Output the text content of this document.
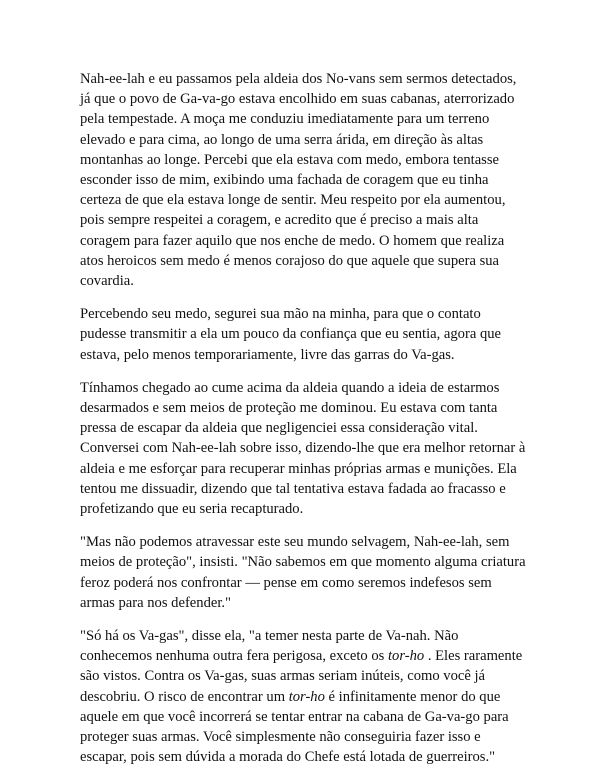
Nah-ee-lah e eu passamos pela aldeia dos No-vans sem sermos detectados, já que o povo de Ga-va-go estava encolhido em suas cabanas, aterrorizado pela tempestade. A moça me conduziu imediatamente para um terreno elevado e para cima, ao longo de uma serra árida, em direção às altas montanhas ao longe. Percebi que ela estava com medo, embora tentasse esconder isso de mim, exibindo uma fachada de coragem que eu tinha certeza de que ela estava longe de sentir. Meu respeito por ela aumentou, pois sempre respeitei a coragem, e acredito que é preciso a mais alta coragem para fazer aquilo que nos enche de medo. O homem que realiza atos heroicos sem medo é menos corajoso do que aquele que supera sua covardia.

Percebendo seu medo, segurei sua mão na minha, para que o contato pudesse transmitir a ela um pouco da confiança que eu sentia, agora que estava, pelo menos temporariamente, livre das garras do Va-gas.

Tínhamos chegado ao cume acima da aldeia quando a ideia de estarmos desarmados e sem meios de proteção me dominou. Eu estava com tanta pressa de escapar da aldeia que negligenciei essa consideração vital. Conversei com Nah-ee-lah sobre isso, dizendo-lhe que era melhor retornar à aldeia e me esforçar para recuperar minhas próprias armas e munições. Ela tentou me dissuadir, dizendo que tal tentativa estava fadada ao fracasso e profetizando que eu seria recapturado.

"Mas não podemos atravessar este seu mundo selvagem, Nah-ee-lah, sem meios de proteção", insisti. "Não sabemos em que momento alguma criatura feroz poderá nos confrontar — pense em como seremos indefesos sem armas para nos defender."

"Só há os Va-gas", disse ela, "a temer nesta parte de Va-nah. Não conhecemos nenhuma outra fera perigosa, exceto os tor-ho . Eles raramente são vistos. Contra os Va-gas, suas armas seriam inúteis, como você já descobriu. O risco de encontrar um tor-ho é infinitamente menor do que aquele em que você incorrerá se tentar entrar na cabana de Ga-va-go para proteger suas armas. Você simplesmente não conseguiria fazer isso e escapar, pois sem dúvida a morada do Chefe está lotada de guerreiros."
